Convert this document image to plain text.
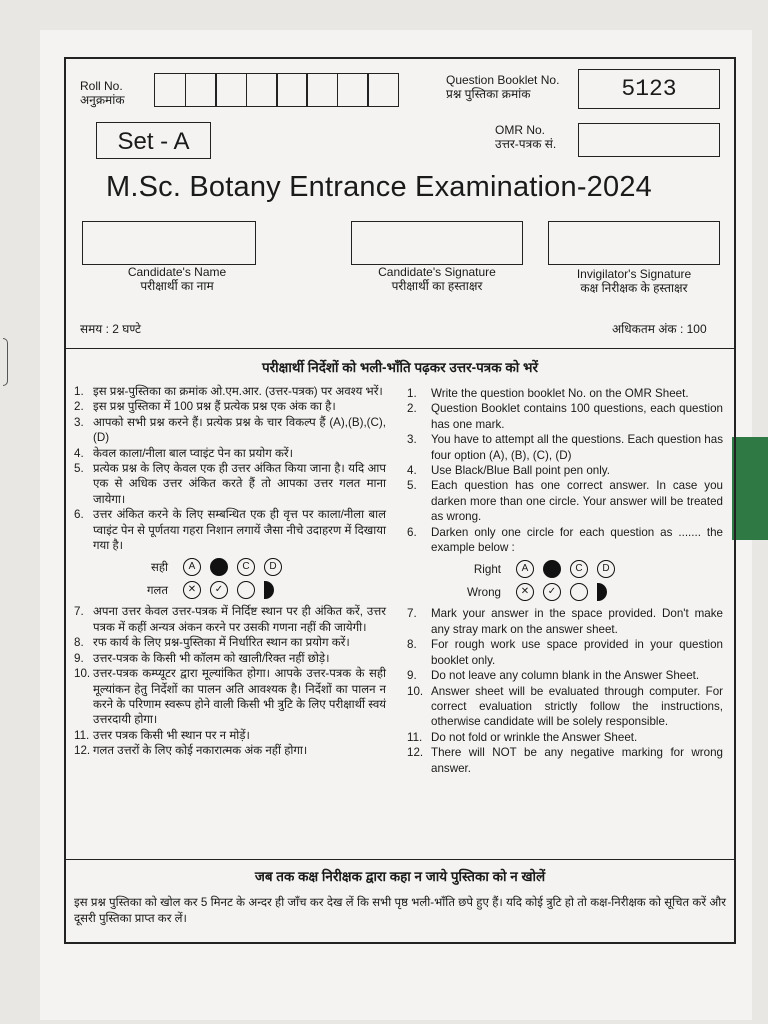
Roll No.
अनुक्रमांक
Question Booklet No.
प्रश्न पुस्तिका क्रमांक	5123
Set - A	OMR No.
उत्तर-पत्रक सं.
M.Sc. Botany Entrance Examination-2024
Candidate's Name
परीक्षार्थी का नाम
Candidate's Signature
परीक्षार्थी का हस्ताक्षर
Invigilator's Signature
कक्ष निरीक्षक के हस्ताक्षर
समय : 2 घण्टे	अधिकतम अंक : 100
परीक्षार्थी निर्देशों को भली-भाँति पढ़कर उत्तर-पत्रक को भरें
1. इस प्रश्न-पुस्तिका का क्रमांक ओ.एम.आर. (उत्तर-पत्रक) पर अवश्य भरें।
2. इस प्रश्न पुस्तिका में 100 प्रश्न हैं प्रत्येक प्रश्न एक अंक का है।
3. आपको सभी प्रश्न करने हैं। प्रत्येक प्रश्न के चार विकल्प हैं (A),(B),(C),(D)
4. केवल काला/नीला बाल प्वाइंट पेन का प्रयोग करें।
5. प्रत्येक प्रश्न के लिए केवल एक ही उत्तर अंकित किया जाना है। यदि आप एक से अधिक उत्तर अंकित करते हैं तो आपका उत्तर गलत माना जायेगा।
6. उत्तर अंकित करने के लिए सम्बन्धित एक ही वृत्त पर काला/नीला बाल प्वाइंट पेन से पूर्णतया गहरा निशान लगायें जैसा नीचे उदाहरण में दिखाया गया है।
सही	A	C	D
गलत	✕	✓
7. अपना उत्तर केवल उत्तर-पत्रक में निर्दिष्ट स्थान पर ही अंकित करें, उत्तर पत्रक में कहीं अन्यत्र अंकन करने पर उसकी गणना नहीं की जायेगी।
8. रफ कार्य के लिए प्रश्न-पुस्तिका में निर्धारित स्थान का प्रयोग करें।
9. उत्तर-पत्रक के किसी भी कॉलम को खाली/रिक्त नहीं छोड़े।
10. उत्तर-पत्रक कम्प्यूटर द्वारा मूल्यांकित होगा। आपके उत्तर-पत्रक के सही मूल्यांकन हेतु निर्देशों का पालन अति आवश्यक है। निर्देशों का पालन न करने के परिणाम स्वरूप होने वाली किसी भी त्रुटि के लिए परीक्षार्थी स्वयं उत्तरदायी होगा।
11. उत्तर पत्रक किसी भी स्थान पर न मोड़ें।
12. गलत उत्तरों के लिए कोई नकारात्मक अंक नहीं होगा।
1.	Write the question booklet No. on the OMR Sheet.
2.	Question Booklet contains 100 questions, each question has one mark.
3.	You have to attempt all the questions. Each question has four option (A), (B), (C), (D)
4.	Use Black/Blue Ball point pen only.
5.	Each question has one correct answer. In case you darken more than one circle. Your answer will be treated as wrong.
6.	Darken only one circle for each question as ....... the example below :
Right	A	C	D
Wrong	✕	✓
7.	Mark your answer in the space provided. Don't make any stray mark on the answer sheet.
8.	For rough work use space provided in your question booklet only.
9.	Do not leave any column blank in the Answer Sheet.
10. Answer sheet will be evaluated through computer. For correct evaluation strictly follow the instructions, otherwise candidate will be solely responsible.
11. Do not fold or wrinkle the Answer Sheet.
12. There will NOT be any negative marking for wrong answer.
जब तक कक्ष निरीक्षक द्वारा कहा न जाये पुस्तिका को न खोलें
इस प्रश्न पुस्तिका को खोल कर 5 मिनट के अन्दर ही जाँच कर देख लें कि सभी पृष्ठ भली-भाँति छपे हुए हैं। यदि कोई त्रुटि हो तो कक्ष-निरीक्षक को सूचित करें और दूसरी पुस्तिका प्राप्त कर लें।
